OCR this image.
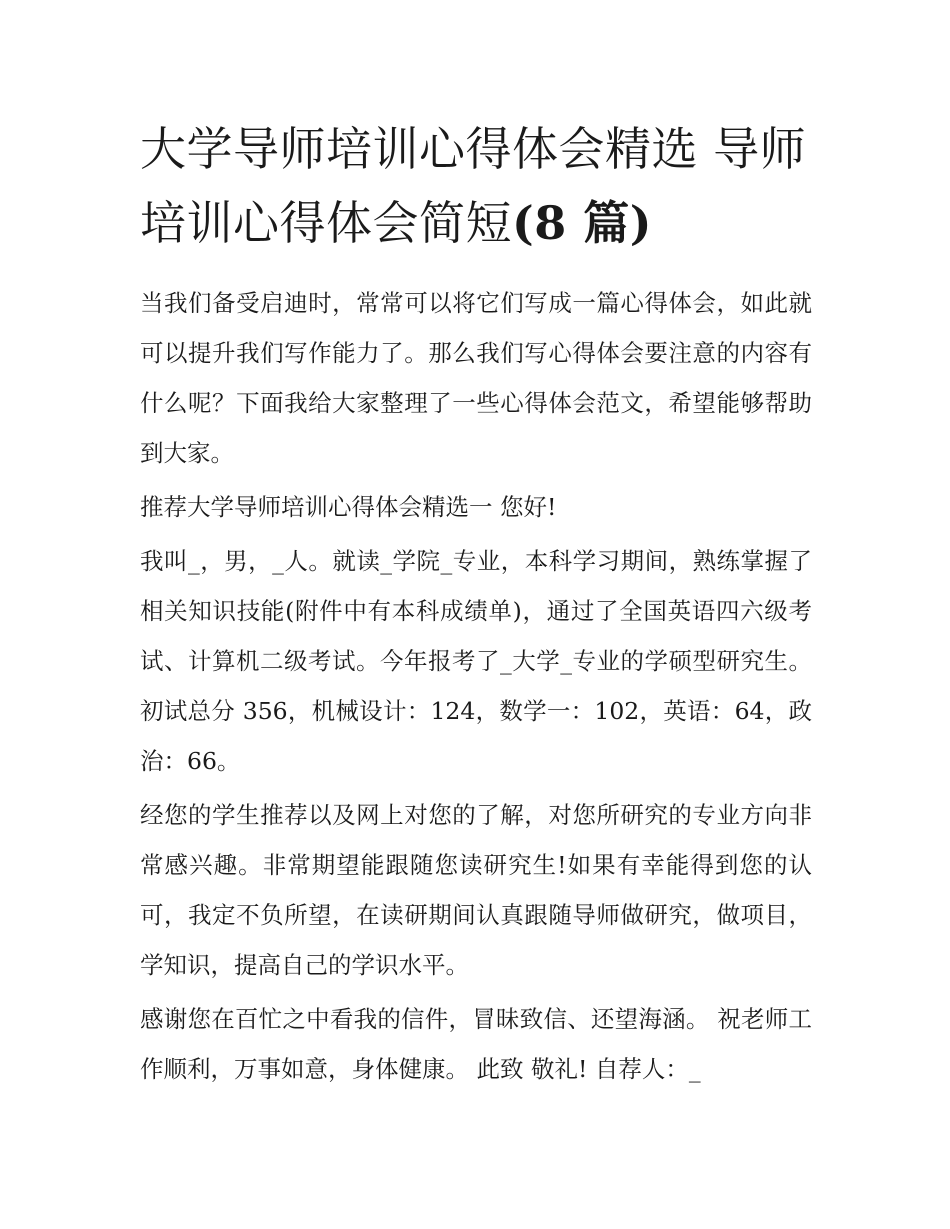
大学导师培训心得体会精选 导师培训心得体会简短(8 篇)

当我们备受启迪时，常常可以将它们写成一篇心得体会，如此就可以提升我们写作能力了。那么我们写心得体会要注意的内容有什么呢？下面我给大家整理了一些心得体会范文，希望能够帮助到大家。

推荐大学导师培训心得体会精选一 您好!

我叫_，男，_人。就读_学院_专业，本科学习期间，熟练掌握了相关知识技能(附件中有本科成绩单)，通过了全国英语四六级考试、计算机二级考试。今年报考了_大学_专业的学硕型研究生。初试总分 356，机械设计：124，数学一：102，英语：64，政治：66。

经您的学生推荐以及网上对您的了解，对您所研究的专业方向非常感兴趣。非常期望能跟随您读研究生!如果有幸能得到您的认可，我定不负所望，在读研期间认真跟随导师做研究，做项目，学知识，提高自己的学识水平。

感谢您在百忙之中看我的信件，冒昧致信、还望海涵。 祝老师工作顺利，万事如意，身体健康。 此致 敬礼! 自荐人：_
